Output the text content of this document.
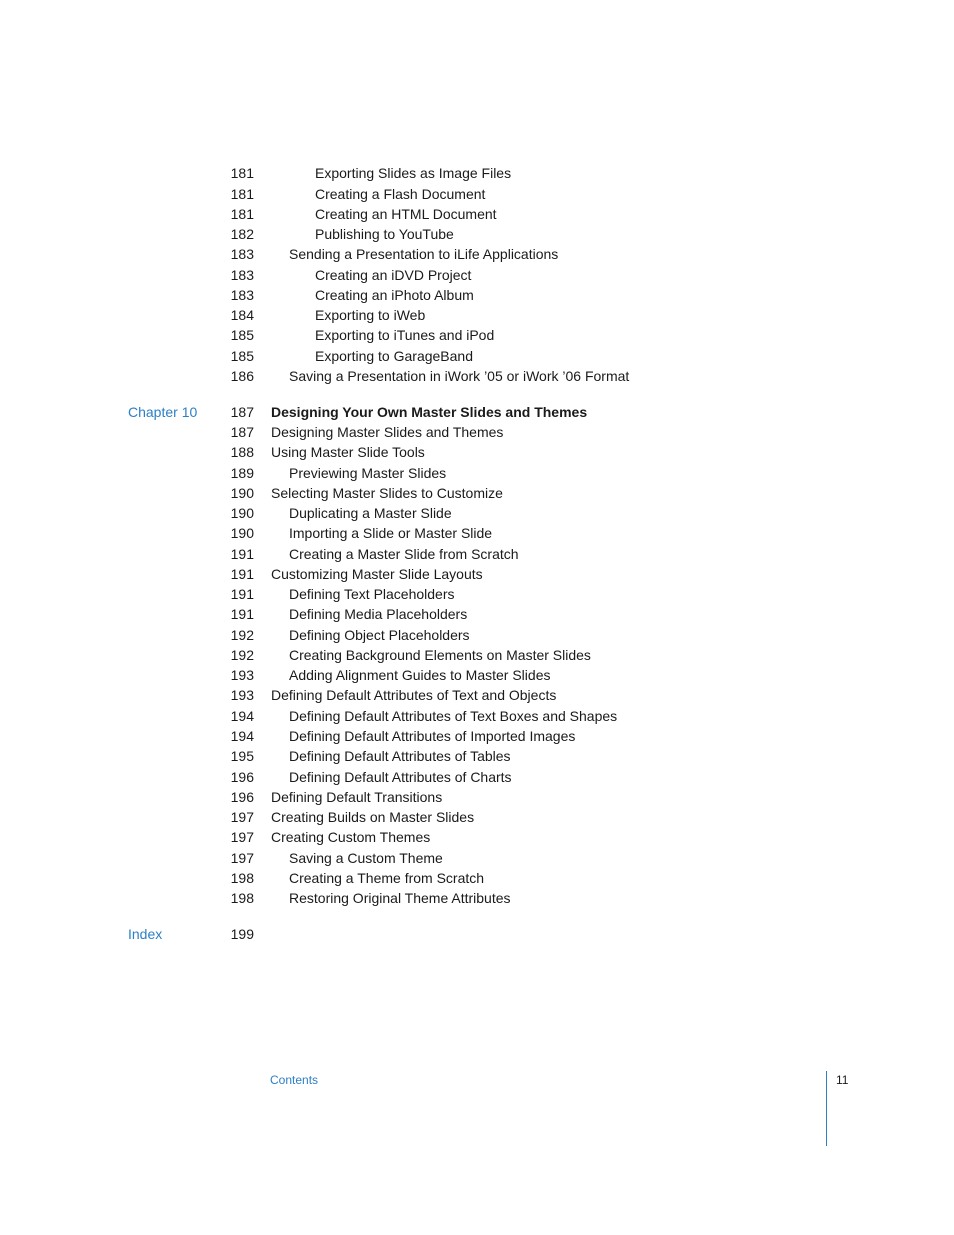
181	Exporting Slides as Image Files
181	Creating a Flash Document
181	Creating an HTML Document
182	Publishing to YouTube
183	Sending a Presentation to iLife Applications
183	Creating an iDVD Project
183	Creating an iPhoto Album
184	Exporting to iWeb
185	Exporting to iTunes and iPod
185	Exporting to GarageBand
186	Saving a Presentation in iWork ’05 or iWork ’06 Format
Chapter 10	187 Designing Your Own Master Slides and Themes
187 Designing Master Slides and Themes
188 Using Master Slide Tools
189	Previewing Master Slides
190 Selecting Master Slides to Customize
190	Duplicating a Master Slide
190	Importing a Slide or Master Slide
191	Creating a Master Slide from Scratch
191 Customizing Master Slide Layouts
191	Defining Text Placeholders
191	Defining Media Placeholders
192	Defining Object Placeholders
192	Creating Background Elements on Master Slides
193	Adding Alignment Guides to Master Slides
193 Defining Default Attributes of Text and Objects
194	Defining Default Attributes of Text Boxes and Shapes
194	Defining Default Attributes of Imported Images
195	Defining Default Attributes of Tables
196	Defining Default Attributes of Charts
196 Defining Default Transitions
197 Creating Builds on Master Slides
197 Creating Custom Themes
197	Saving a Custom Theme
198	Creating a Theme from Scratch
198	Restoring Original Theme Attributes
Index	199
Contents	11
